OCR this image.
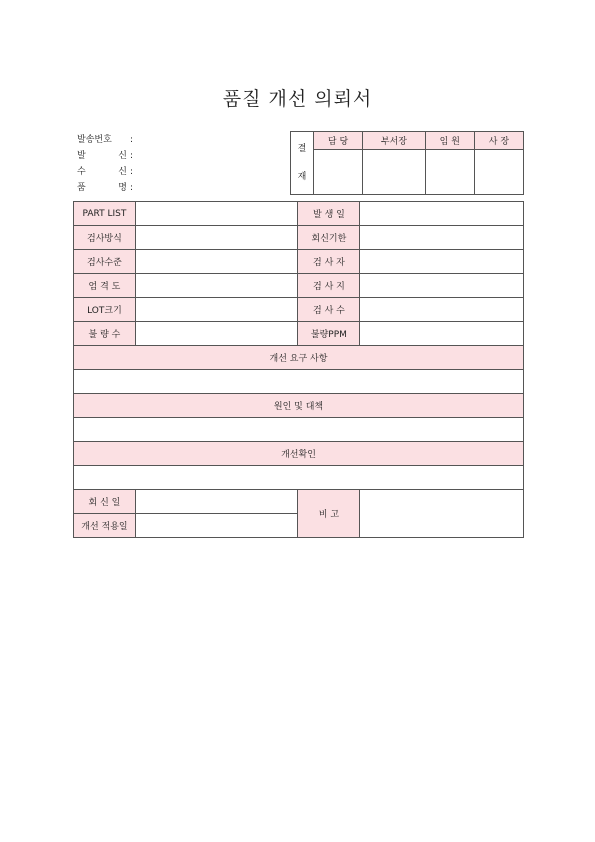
품질 개선 의뢰서
발송번호 :
발 신 :
수 신 :
품 명 :
결
재	담 당	부서장	임 원	사 장

PART LIST		발 생 일	
검사방식		회신기한	
검사수준		검 사 자	
엄 격 도		검 사 지	
LOT크기		검 사 수	
불 량 수		불량PPM	
개선 요구 사항			

원인 및 대책			

개선확인			

회 신 일		비 고	
개선 적용일			
